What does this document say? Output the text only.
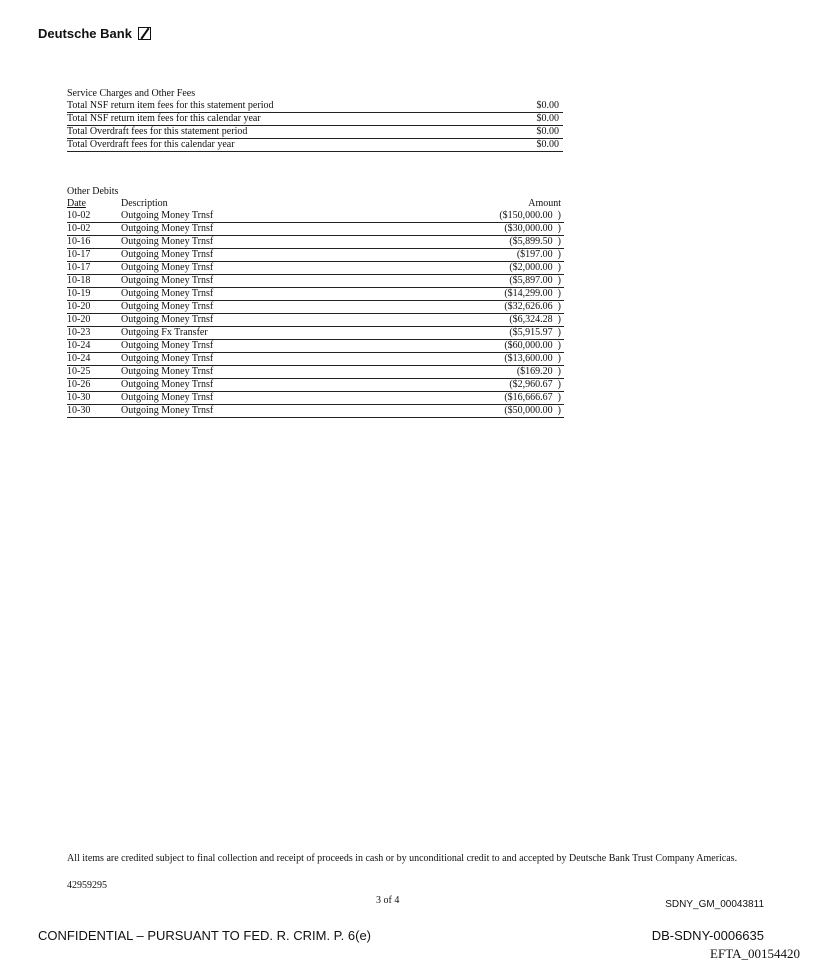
Deutsche Bank
Service Charges and Other Fees
Total NSF return item fees for this statement period	$0.00
Total NSF return item fees for this calendar year	$0.00
Total Overdraft fees for this statement period	$0.00
Total Overdraft fees for this calendar year	$0.00
Other Debits
Date	Description	Amount
10-02	Outgoing Money Trnsf	($150,000.00  )
10-02	Outgoing Money Trnsf	($30,000.00  )
10-16	Outgoing Money Trnsf	($5,899.50  )
10-17	Outgoing Money Trnsf	($197.00  )
10-17	Outgoing Money Trnsf	($2,000.00  )
10-18	Outgoing Money Trnsf	($5,897.00  )
10-19	Outgoing Money Trnsf	($14,299.00  )
10-20	Outgoing Money Trnsf	($32,626.06  )
10-20	Outgoing Money Trnsf	($6,324.28  )
10-23	Outgoing Fx Transfer	($5,915.97  )
10-24	Outgoing Money Trnsf	($60,000.00  )
10-24	Outgoing Money Trnsf	($13,600.00  )
10-25	Outgoing Money Trnsf	($169.20  )
10-26	Outgoing Money Trnsf	($2,960.67  )
10-30	Outgoing Money Trnsf	($16,666.67  )
10-30	Outgoing Money Trnsf	($50,000.00  )
All items are credited subject to final collection and receipt of proceeds in cash or by unconditional credit to and accepted by Deutsche Bank Trust Company Americas.
42959295
3 of 4	SDNY_GM_00043811
CONFIDENTIAL – PURSUANT TO FED. R. CRIM. P. 6(e)	DB-SDNY-0006635
EFTA_00154420
